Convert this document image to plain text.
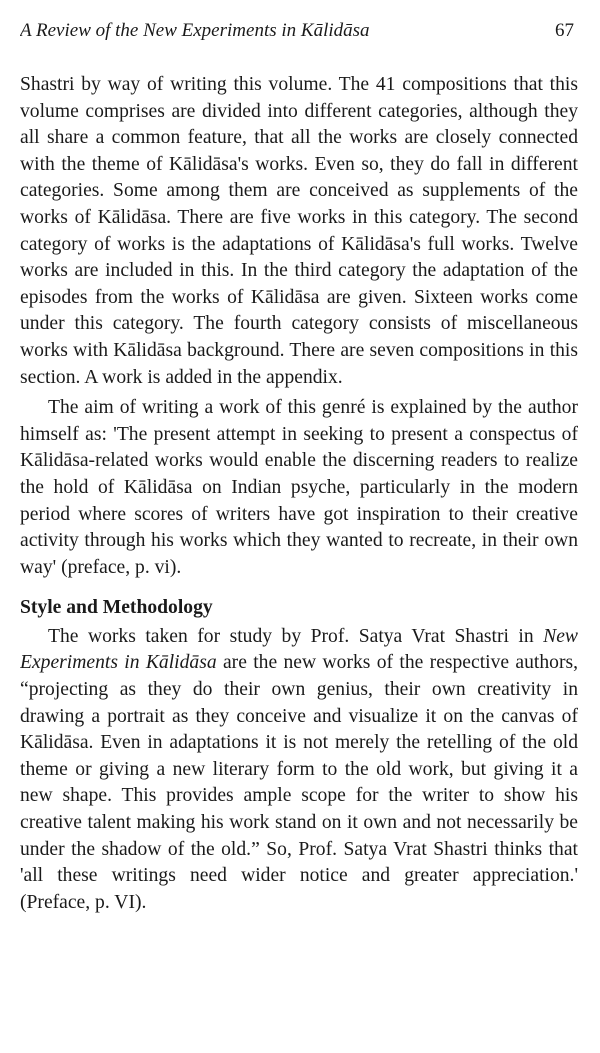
A Review of the New Experiments in Kālidāsa	67

Shastri by way of writing this volume. The 41 compositions that this volume comprises are divided into different categories, although they all share a common feature, that all the works are closely connected with the theme of Kālidāsa's works. Even so, they do fall in different categories. Some among them are conceived as supplements of the works of Kālidāsa. There are five works in this category. The second category of works is the adaptations of Kālidāsa's full works. Twelve works are included in this. In the third category the adaptation of the episodes from the works of Kālidāsa are given. Sixteen works come under this category. The fourth category consists of miscellaneous works with Kālidāsa background. There are seven compositions in this section. A work is added in the appendix.

The aim of writing a work of this genré is explained by the author himself as: 'The present attempt in seeking to present a conspectus of Kālidāsa-related works would enable the discerning readers to realize the hold of Kālidāsa on Indian psyche, particularly in the modern period where scores of writers have got inspiration to their creative activity through his works which they wanted to recreate, in their own way' (preface, p. vi).

Style and Methodology

The works taken for study by Prof. Satya Vrat Shastri in New Experiments in Kālidāsa are the new works of the respective authors, “projecting as they do their own genius, their own creativity in drawing a portrait as they conceive and visualize it on the canvas of Kālidāsa. Even in adaptations it is not merely the retelling of the old theme or giving a new literary form to the old work, but giving it a new shape. This provides ample scope for the writer to show his creative talent making his work stand on it own and not necessarily be under the shadow of the old.” So, Prof. Satya Vrat Shastri thinks that 'all these writings need wider notice and greater appreciation.' (Preface, p. VI).
